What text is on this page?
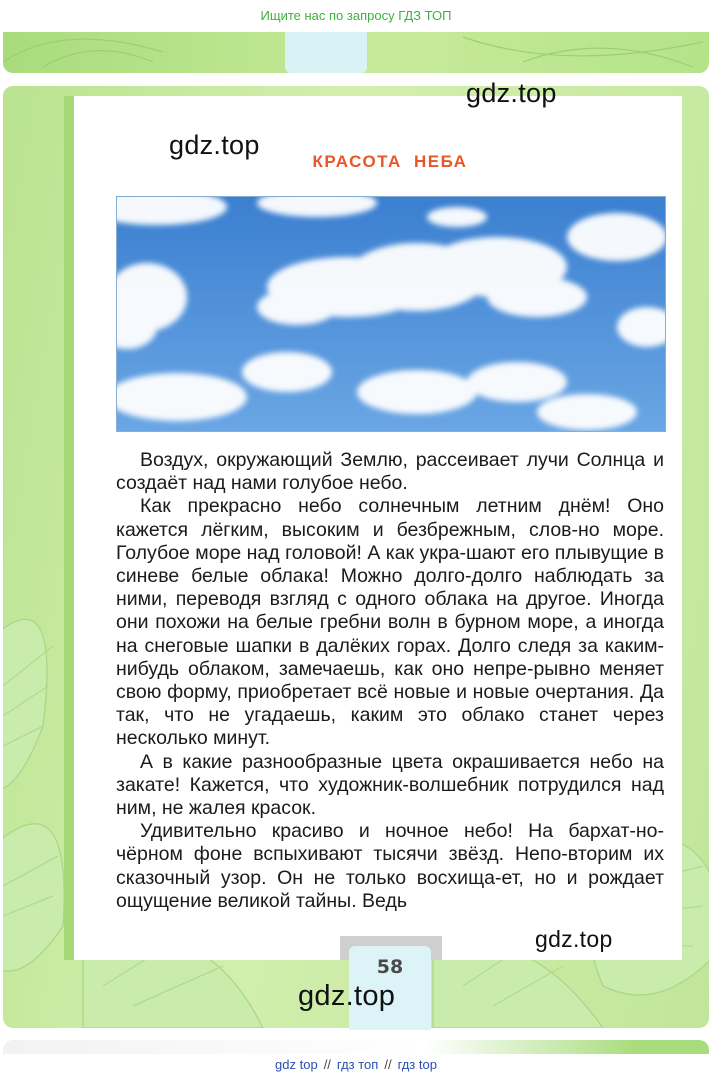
Ищите нас по запросу ГДЗ ТОП
gdz.top
gdz.top
КРАСОТА НЕБА

Воздух, окружающий Землю, рассеивает лучи Солнца и создаёт над нами голубое небо.

Как прекрасно небо солнечным летним днём! Оно кажется лёгким, высоким и безбрежным, слов-но море. Голубое море над головой! А как укра-шают его плывущие в синеве белые облака! Можно долго-долго наблюдать за ними, переводя взгляд с одного облака на другое. Иногда они похожи на белые гребни волн в бурном море, а иногда на снеговые шапки в далёких горах. Долго следя за каким-нибудь облаком, замечаешь, как оно непре-рывно меняет свою форму, приобретает всё новые и новые очертания. Да так, что не угадаешь, каким это облако станет через несколько минут.

А в какие разнообразные цвета окрашивается небо на закате! Кажется, что художник-волшебник потрудился над ним, не жалея красок.

Удивительно красиво и ночное небо! На бархат-но-чёрном фоне вспыхивают тысячи звёзд. Непо-вторим их сказочный узор. Он не только восхища-ет, но и рождает ощущение великой тайны. Ведь

58
gdz.top
gdz.top
gdz top // гдз топ // гдз top
